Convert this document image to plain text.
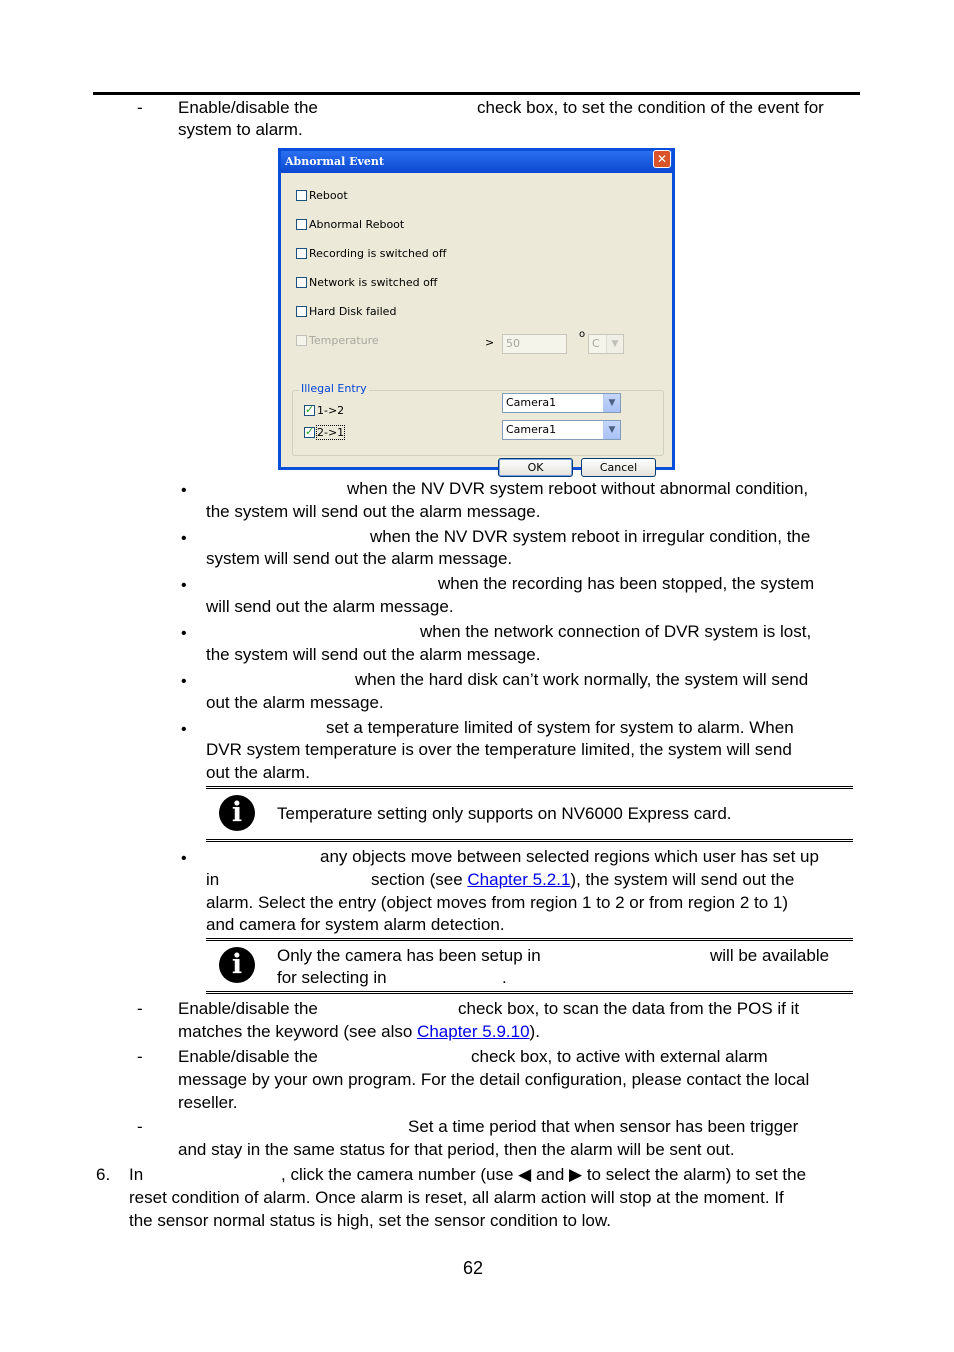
- Enable/disable the	check box, to set the condition of the event for
system to alarm.
Abnormal Event	✕
Reboot
Abnormal Reboot
Recording is switched off
Network is switched off
Hard Disk failed
Temperature	>	50
o
C	▼
Illegal Entry
✓
1->2
Camera1	▼
✓
2->1	Camera1	▼
OK	Cancel
•	when the NV DVR system reboot without abnormal condition,
the system will send out the alarm message.
•	when the NV DVR system reboot in irregular condition, the
system will send out the alarm message.
•	when the recording has been stopped, the system
will send out the alarm message.
•	when the network connection of DVR system is lost,
the system will send out the alarm message.
•	when the hard disk can’t work normally, the system will send
out the alarm message.
•	set a temperature limited of system for system to alarm. When
DVR system temperature is over the temperature limited, the system will send
out the alarm.
i	Temperature setting only supports on NV6000 Express card.
•	any objects move between selected regions which user has set up
in	section (see Chapter 5.2.1), the system will send out the
alarm. Select the entry (object moves from region 1 to 2 or from region 2 to 1)
and camera for system alarm detection.
i	Only the camera has been setup in	will be available
for selecting in	.
- Enable/disable the	check box, to scan the data from the POS if it
matches the keyword (see also Chapter 5.9.10).
- Enable/disable the	check box, to active with external alarm
message by your own program. For the detail configuration, please contact the local
reseller.
-	Set a time period that when sensor has been trigger
and stay in the same status for that period, then the alarm will be sent out.
6. In	, click the camera number (use ◀ and ▶ to select the alarm) to set the
reset condition of alarm. Once alarm is reset, all alarm action will stop at the moment. If
the sensor normal status is high, set the sensor condition to low.
62
